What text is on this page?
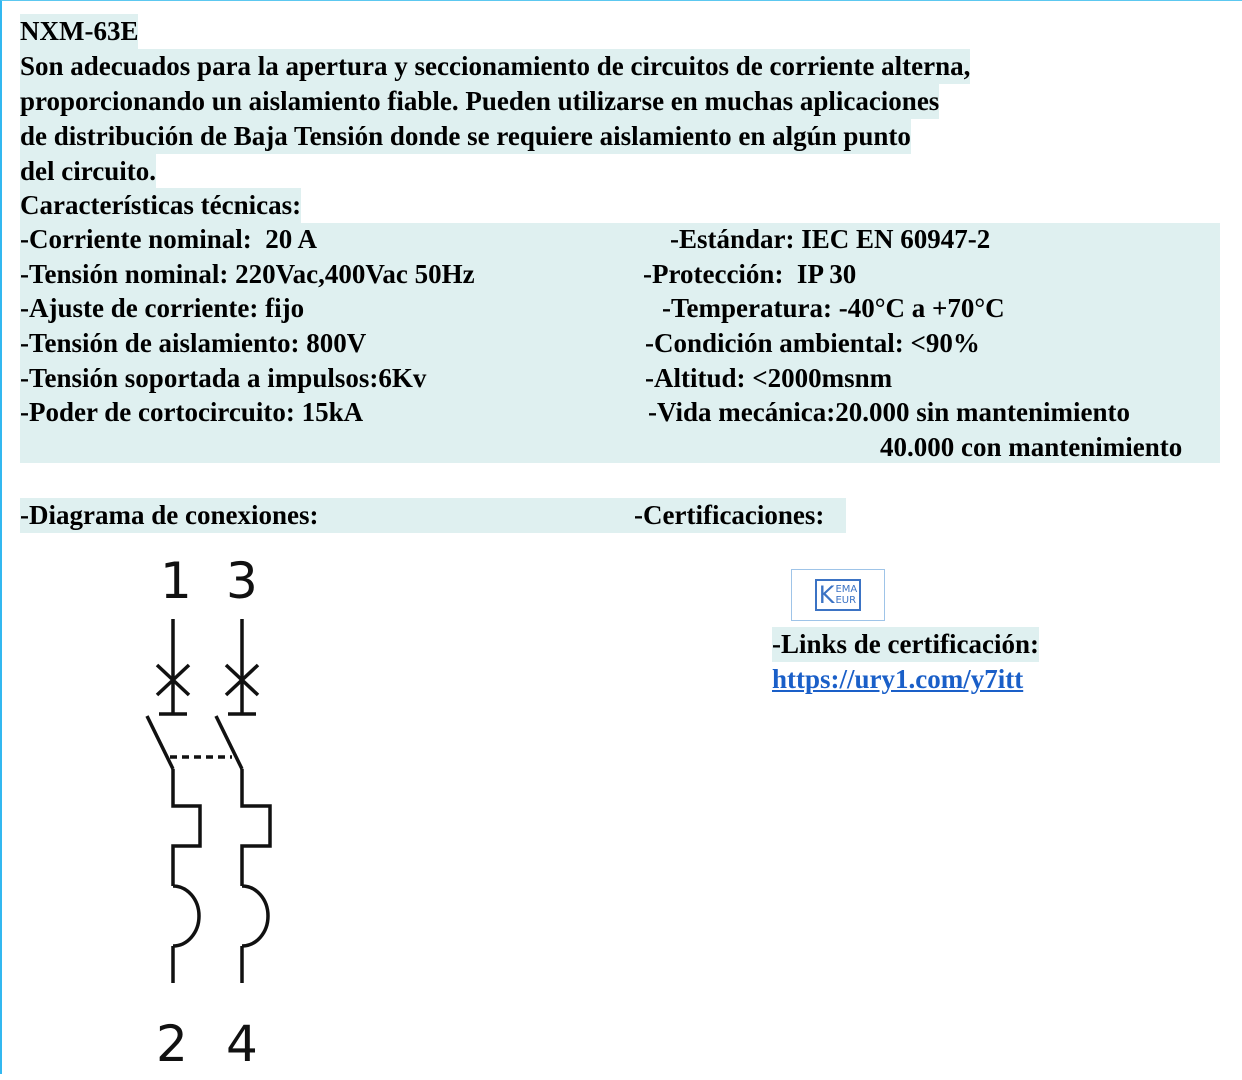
NXM-63E
Son adecuados para la apertura y seccionamiento de circuitos de corriente alterna,
proporcionando un aislamiento fiable. Pueden utilizarse en muchas aplicaciones
de distribución de Baja Tensión donde se requiere aislamiento en algún punto
del circuito.
Características técnicas:
-Corriente nominal:  20 A
-Tensión nominal: 220Vac,400Vac 50Hz
-Ajuste de corriente: fijo
-Tensión de aislamiento: 800V
-Tensión soportada a impulsos:6Kv
-Poder de cortocircuito: 15kA
-Estándar: IEC EN 60947-2
-Protección:  IP 30
-Temperatura: -40°C a +70°C
-Condición ambiental: <90%
-Altitud: <2000msnm
-Vida mecánica:20.000 sin mantenimiento
40.000 con mantenimiento
-Diagrama de conexiones:	-Certificaciones:
1 3
2 4
K EMA
EUR
-Links de certificación:
https://ury1.com/y7itt
